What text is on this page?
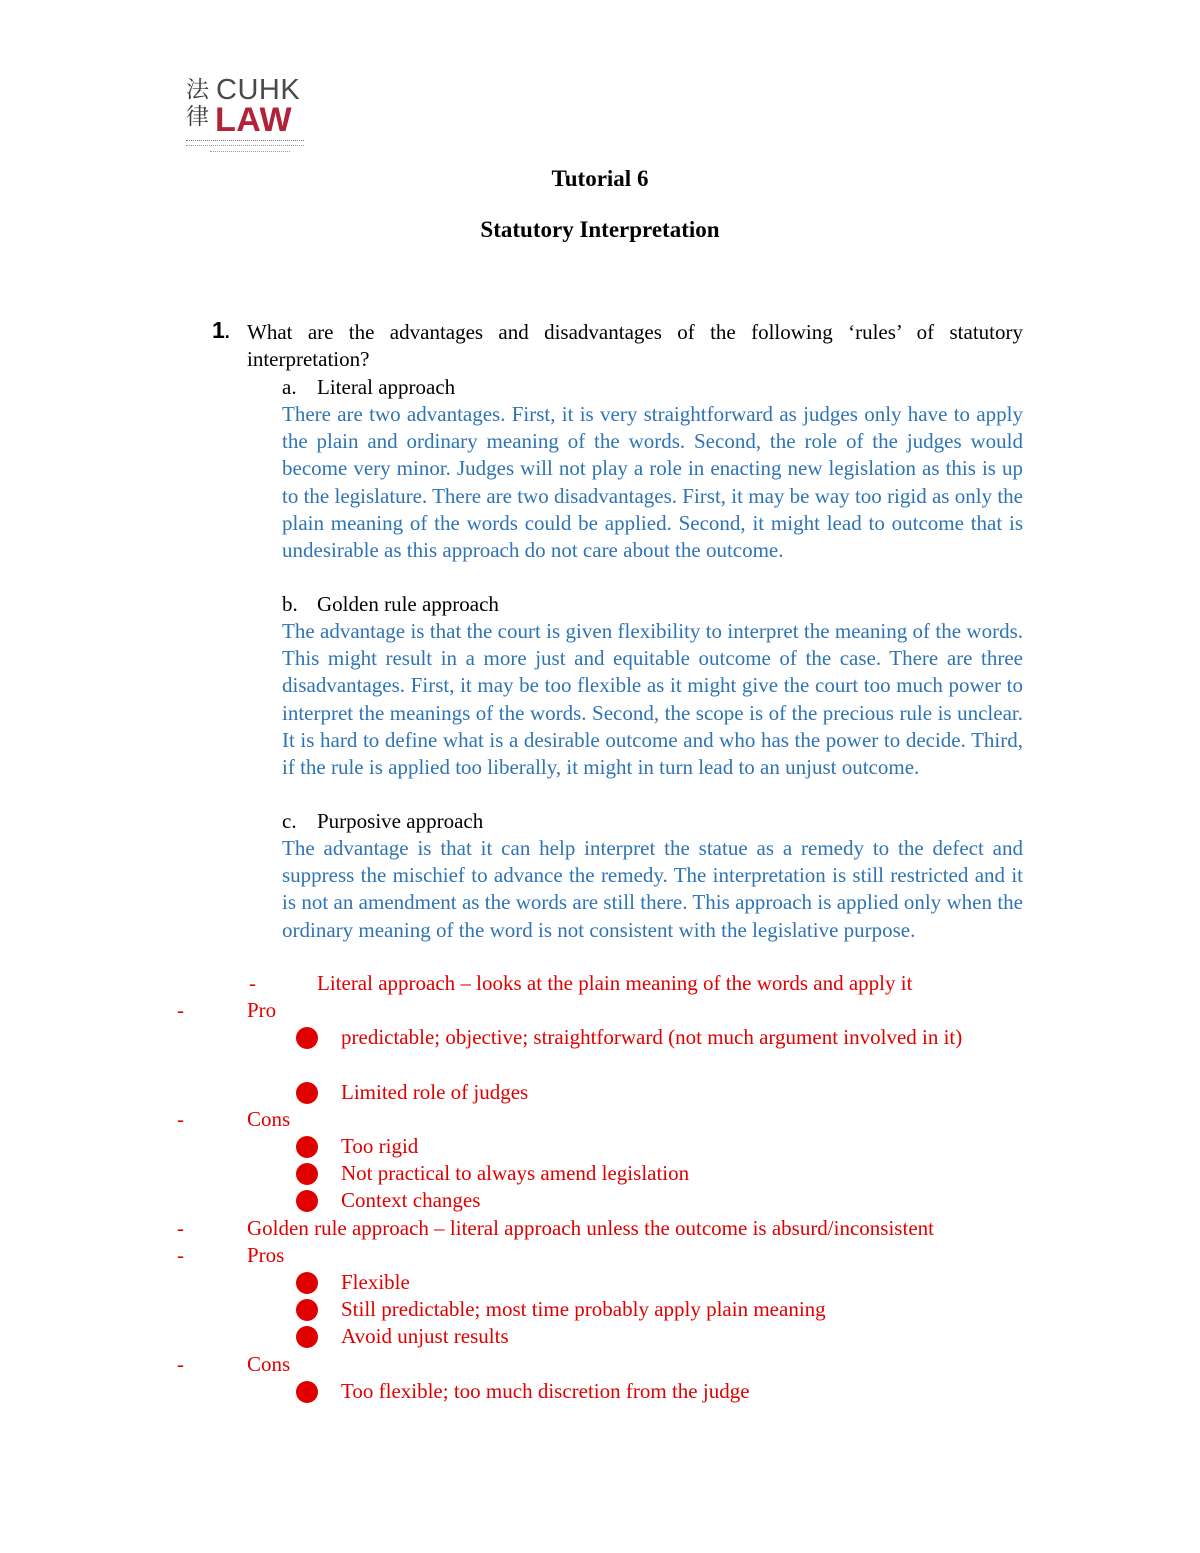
法律
CUHK
LAW
Tutorial 6
Statutory Interpretation
1. What are the advantages and disadvantages of the following ‘rules’ of statutory interpretation?
a. Literal approach
There are two advantages. First, it is very straightforward as judges only have to apply the plain and ordinary meaning of the words. Second, the role of the judges would become very minor. Judges will not play a role in enacting new legislation as this is up to the legislature. There are two disadvantages. First, it may be way too rigid as only the plain meaning of the words could be applied. Second, it might lead to outcome that is undesirable as this approach do not care about the outcome.
b. Golden rule approach
The advantage is that the court is given flexibility to interpret the meaning of the words. This might result in a more just and equitable outcome of the case. There are three disadvantages. First, it may be too flexible as it might give the court too much power to interpret the meanings of the words. Second, the scope is of the precious rule is unclear. It is hard to define what is a desirable outcome and who has the power to decide. Third, if the rule is applied too liberally, it might in turn lead to an unjust outcome.
c. Purposive approach
The advantage is that it can help interpret the statue as a remedy to the defect and suppress the mischief to advance the remedy. The interpretation is still restricted and it is not an amendment as the words are still there. This approach is applied only when the ordinary meaning of the word is not consistent with the legislative purpose.
-	Literal approach – looks at the plain meaning of the words and apply it
-	Pro
predictable; objective; straightforward (not much argument involved in it)
Limited role of judges
-	Cons
Too rigid
Not practical to always amend legislation
Context changes
-	Golden rule approach – literal approach unless the outcome is absurd/inconsistent
-	Pros
Flexible
Still predictable; most time probably apply plain meaning
Avoid unjust results
-	Cons
Too flexible; too much discretion from the judge
